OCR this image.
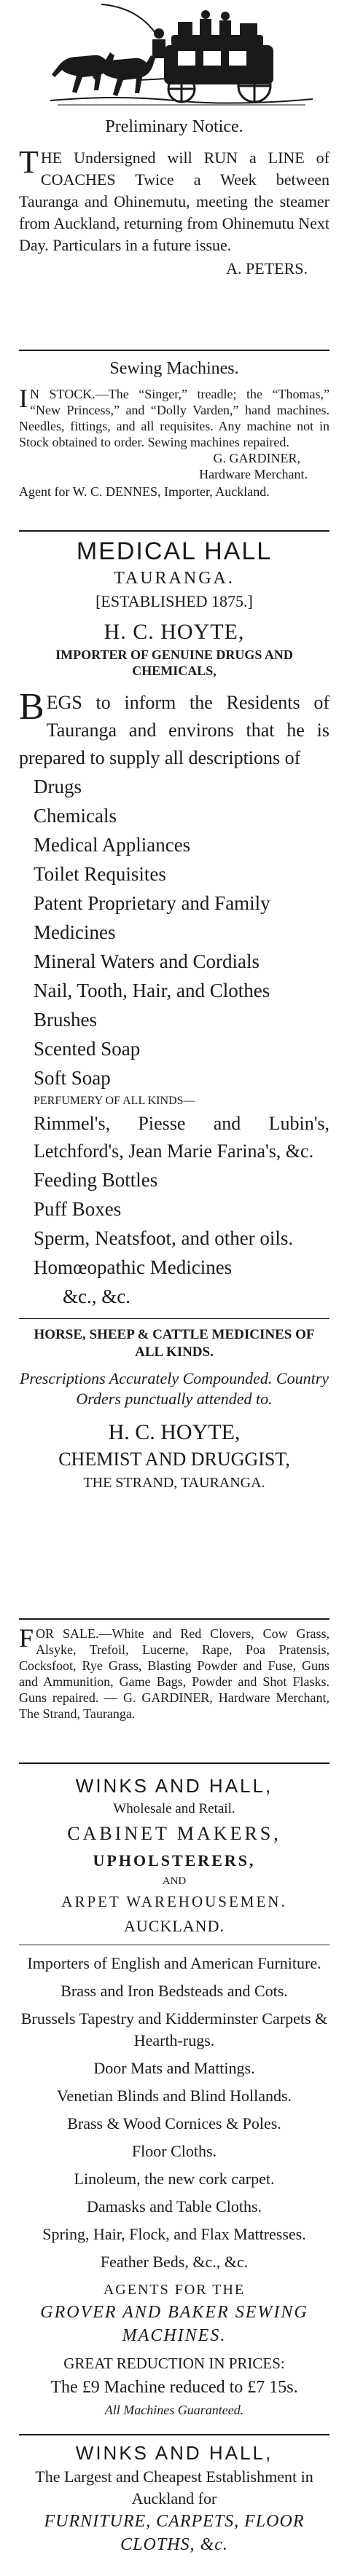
Preliminary Notice.

THE Undersigned will RUN a LINE of COACHES Twice a Week between Tauranga and Ohinemutu, meeting the steamer from Auckland, returning from Ohinemutu Next Day. Particulars in a future issue.

A. PETERS.

Sewing Machines.

IN STOCK.—The “Singer,” treadle; the “Thomas,” “New Princess,” and “Dolly Varden,” hand machines. Needles, fittings, and all requisites. Any machine not in Stock obtained to order. Sewing machines repaired.

G. GARDINER,

Hardware Merchant.

Agent for W. C. DENNES, Importer, Auckland.

MEDICAL HALL

TAURANGA.

[ESTABLISHED 1875.]

H. C. HOYTE,

IMPORTER OF GENUINE DRUGS AND CHEMICALS,

BEGS to inform the Residents of Tauranga and environs that he is prepared to supply all descriptions of

Drugs
Chemicals
Medical Appliances
Toilet Requisites
Patent Proprietary and Family Medicines
Mineral Waters and Cordials
Nail, Tooth, Hair, and Clothes Brushes
Scented Soap
Soft Soap

PERFUMERY OF ALL KINDS—

Rimmel's, Piesse and Lubin's, Letchford's, Jean Marie Farina's, &c.

Feeding Bottles
Puff Boxes
Sperm, Neatsfoot, and other oils.
Homœopathic Medicines
&c., &c.

HORSE, SHEEP & CATTLE MEDICINES OF ALL KINDS.

Prescriptions Accurately Compounded. Country Orders punctually attended to.

H. C. HOYTE,

CHEMIST AND DRUGGIST,

THE STRAND, TAURANGA.

FOR SALE.—White and Red Clovers, Cow Grass, Alsyke, Trefoil, Lucerne, Rape, Poa Pratensis, Cocksfoot, Rye Grass, Blasting Powder and Fuse, Guns and Ammunition, Game Bags, Powder and Shot Flasks. Guns repaired. — G. GARDINER, Hardware Merchant, The Strand, Tauranga.

WINKS AND HALL,

Wholesale and Retail.

CABINET MAKERS,

UPHOLSTERERS,

AND

ARPET WAREHOUSEMEN.

AUCKLAND.

Importers of English and American Furniture.

Brass and Iron Bedsteads and Cots.

Brussels Tapestry and Kidderminster Carpets & Hearth-rugs.

Door Mats and Mattings.

Venetian Blinds and Blind Hollands.

Brass & Wood Cornices & Poles.

Floor Cloths.

Linoleum, the new cork carpet.

Damasks and Table Cloths.

Spring, Hair, Flock, and Flax Mattresses.

Feather Beds, &c., &c.

AGENTS FOR THE

GROVER AND BAKER SEWING MACHINES.

GREAT REDUCTION IN PRICES:

The £9 Machine reduced to £7 15s.

All Machines Guaranteed.

WINKS AND HALL,

The Largest and Cheapest Establishment in Auckland for

FURNITURE, CARPETS, FLOOR CLOTHS, &c.
